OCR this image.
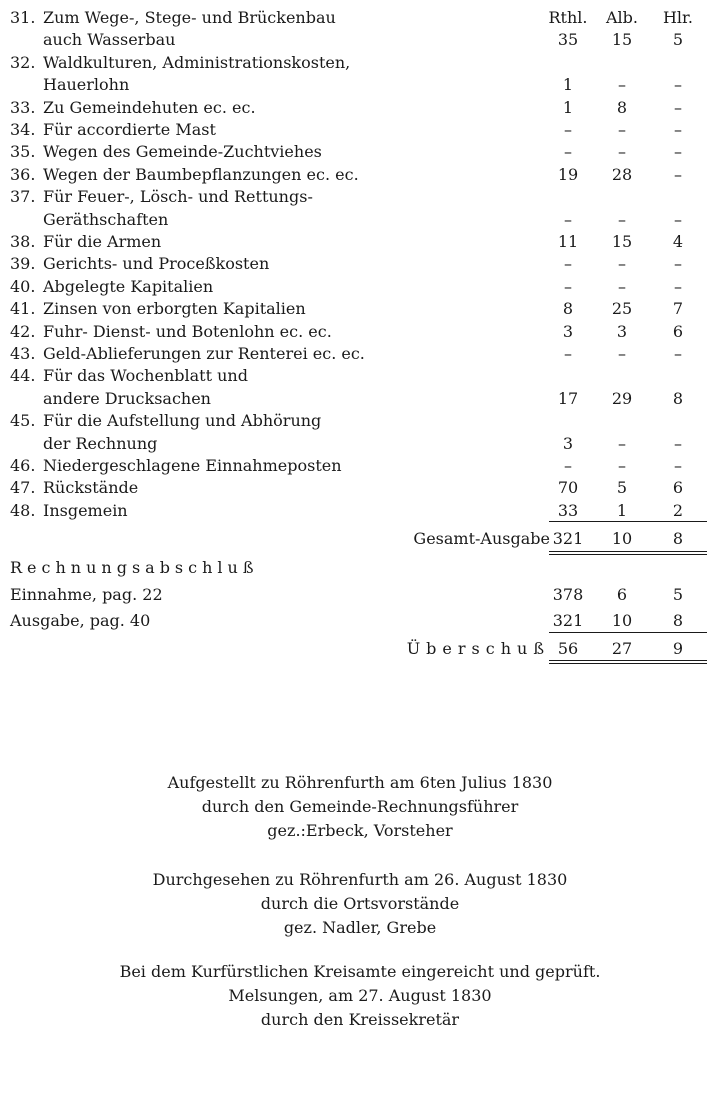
Rthl.	Alb.	Hlr.
31. Zum Wege-, Stege- und Brückenbau
auch Wasserbau	35	15	5
32. Waldkulturen, Administrationskosten,
Hauerlohn	1	–	–
33. Zu Gemeindehuten ec. ec.	1	8	–
34. Für accordierte Mast	–	–	–
35. Wegen des Gemeinde-Zuchtviehes	–	–	–
36. Wegen der Baumbepflanzungen ec. ec.	19	28	–
37. Für Feuer-, Lösch- und Rettungs-
Geräthschaften	–	–	–
38. Für die Armen	11	15	4
39. Gerichts- und Proceßkosten	–	–	–
40. Abgelegte Kapitalien	–	–	–
41. Zinsen von erborgten Kapitalien	8	25	7
42. Fuhr- Dienst- und Botenlohn ec. ec.	3	3	6
43. Geld-Ablieferungen zur Renterei ec. ec.	–	–	–
44. Für das Wochenblatt und
andere Drucksachen	17	29	8
45. Für die Aufstellung und Abhörung
der Rechnung	3	–	–
46. Niedergeschlagene Einnahmeposten	–	–	–
47. Rückstände	70	5	6
48. Insgemein	33	1	2
Gesamt-Ausgabe 321	10	8
Rechnungsabschluß
Einnahme, pag. 22	378	6	5
Ausgabe, pag. 40	321	10	8
Überschuß 56	27	9
Aufgestellt zu Röhrenfurth am 6ten Julius 1830
durch den Gemeinde-Rechnungsführer
gez.:Erbeck, Vorsteher
Durchgesehen zu Röhrenfurth am 26. August 1830
durch die Ortsvorstände
gez. Nadler, Grebe
Bei dem Kurfürstlichen Kreisamte eingereicht und geprüft.
Melsungen, am 27. August 1830
durch den Kreissekretär
